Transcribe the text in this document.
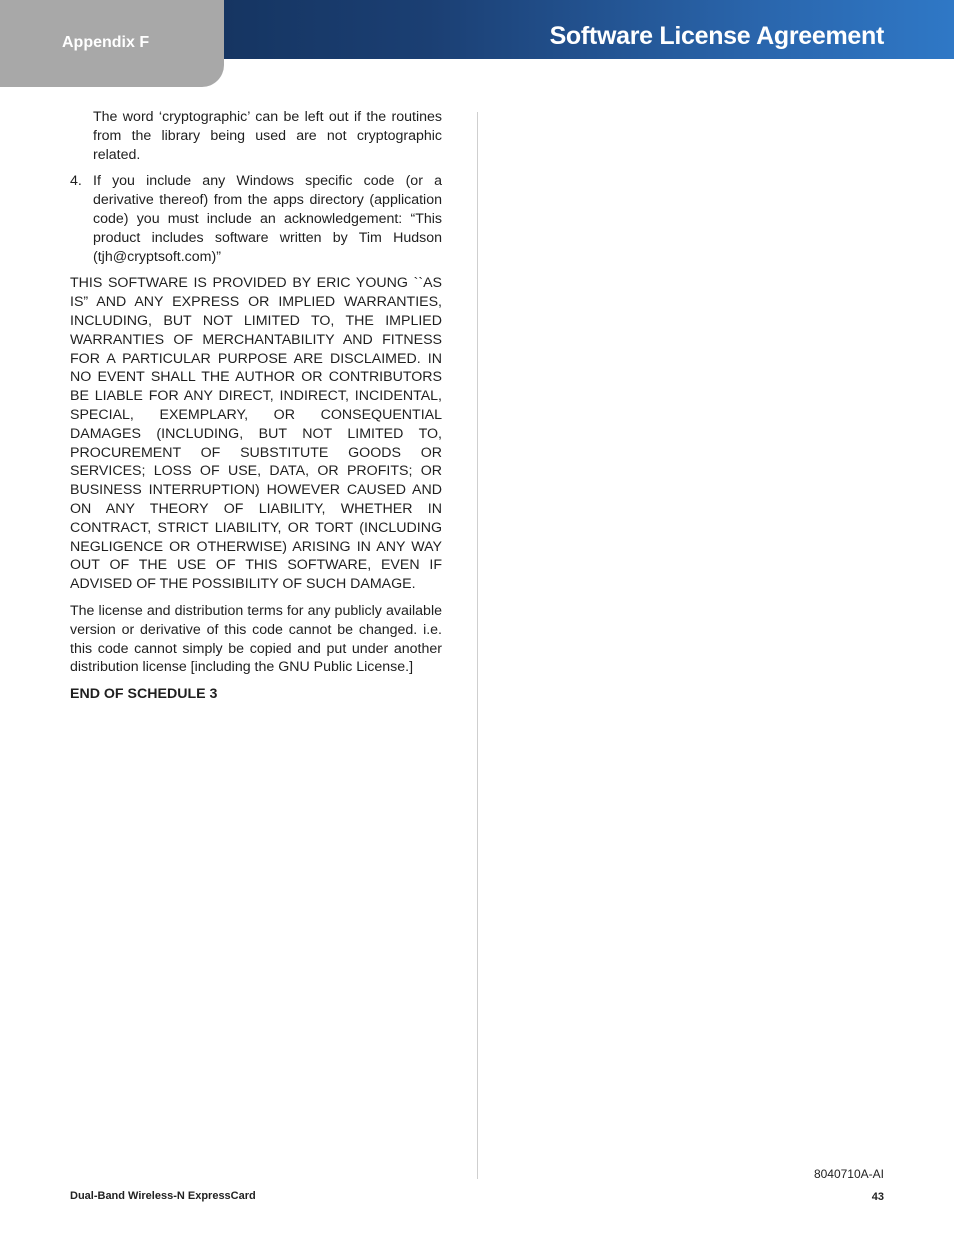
Appendix F	Software License Agreement

The word ‘cryptographic’ can be left out if the routines from the library being used are not cryptographic related.

4. If you include any Windows specific code (or a derivative thereof) from the apps directory (application code) you must include an acknowledgement: “This product includes software written by Tim Hudson (tjh@cryptsoft.com)”

THIS SOFTWARE IS PROVIDED BY ERIC YOUNG ``AS IS” AND ANY EXPRESS OR IMPLIED WARRANTIES, INCLUDING, BUT NOT LIMITED TO, THE IMPLIED WARRANTIES OF MERCHANTABILITY AND FITNESS FOR A PARTICULAR PURPOSE ARE DISCLAIMED. IN NO EVENT SHALL THE AUTHOR OR CONTRIBUTORS BE LIABLE FOR ANY DIRECT, INDIRECT, INCIDENTAL, SPECIAL, EXEMPLARY, OR CONSEQUENTIAL DAMAGES (INCLUDING, BUT NOT LIMITED TO, PROCUREMENT OF SUBSTITUTE GOODS OR SERVICES; LOSS OF USE, DATA, OR PROFITS; OR BUSINESS INTERRUPTION) HOWEVER CAUSED AND ON ANY THEORY OF LIABILITY, WHETHER IN CONTRACT, STRICT LIABILITY, OR TORT (INCLUDING NEGLIGENCE OR OTHERWISE) ARISING IN ANY WAY OUT OF THE USE OF THIS SOFTWARE, EVEN IF ADVISED OF THE POSSIBILITY OF SUCH DAMAGE.

The license and distribution terms for any publicly available version or derivative of this code cannot be changed. i.e. this code cannot simply be copied and put under another distribution license [including the GNU Public License.]

END OF SCHEDULE 3

8040710A-AI
Dual-Band Wireless-N ExpressCard	43
